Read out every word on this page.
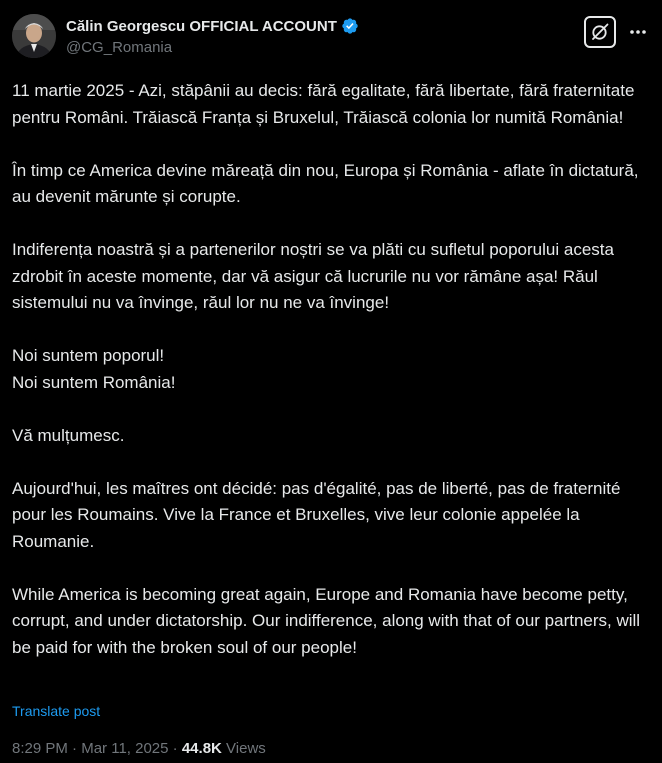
Călin Georgescu OFFICIAL ACCOUNT
@CG_Romania

11 martie 2025 - Azi, stăpânii au decis: fără egalitate, fără libertate, fără fraternitate pentru Români. Trăiască Franța și Bruxelul, Trăiască colonia lor numită România!

În timp ce America devine măreață din nou, Europa și România - aflate în dictatură, au devenit mărunte și corupte.

Indiferența noastră și a partenerilor noștri se va plăti cu sufletul poporului acesta zdrobit în aceste momente, dar vă asigur că lucrurile nu vor rămâne așa! Răul sistemului nu va învinge, răul lor nu ne va învinge!

Noi suntem poporul!
Noi suntem România!

Vă mulțumesc.

Aujourd'hui, les maîtres ont décidé: pas d'égalité, pas de liberté, pas de fraternité pour les Roumains. Vive la France et Bruxelles, vive leur colonie appelée la Roumanie.

While America is becoming great again, Europe and Romania have become petty, corrupt, and under dictatorship. Our indifference, along with that of our partners, will be paid for with the broken soul of our people!

Translate post
8:29 PM · Mar 11, 2025 · 44.8K Views
